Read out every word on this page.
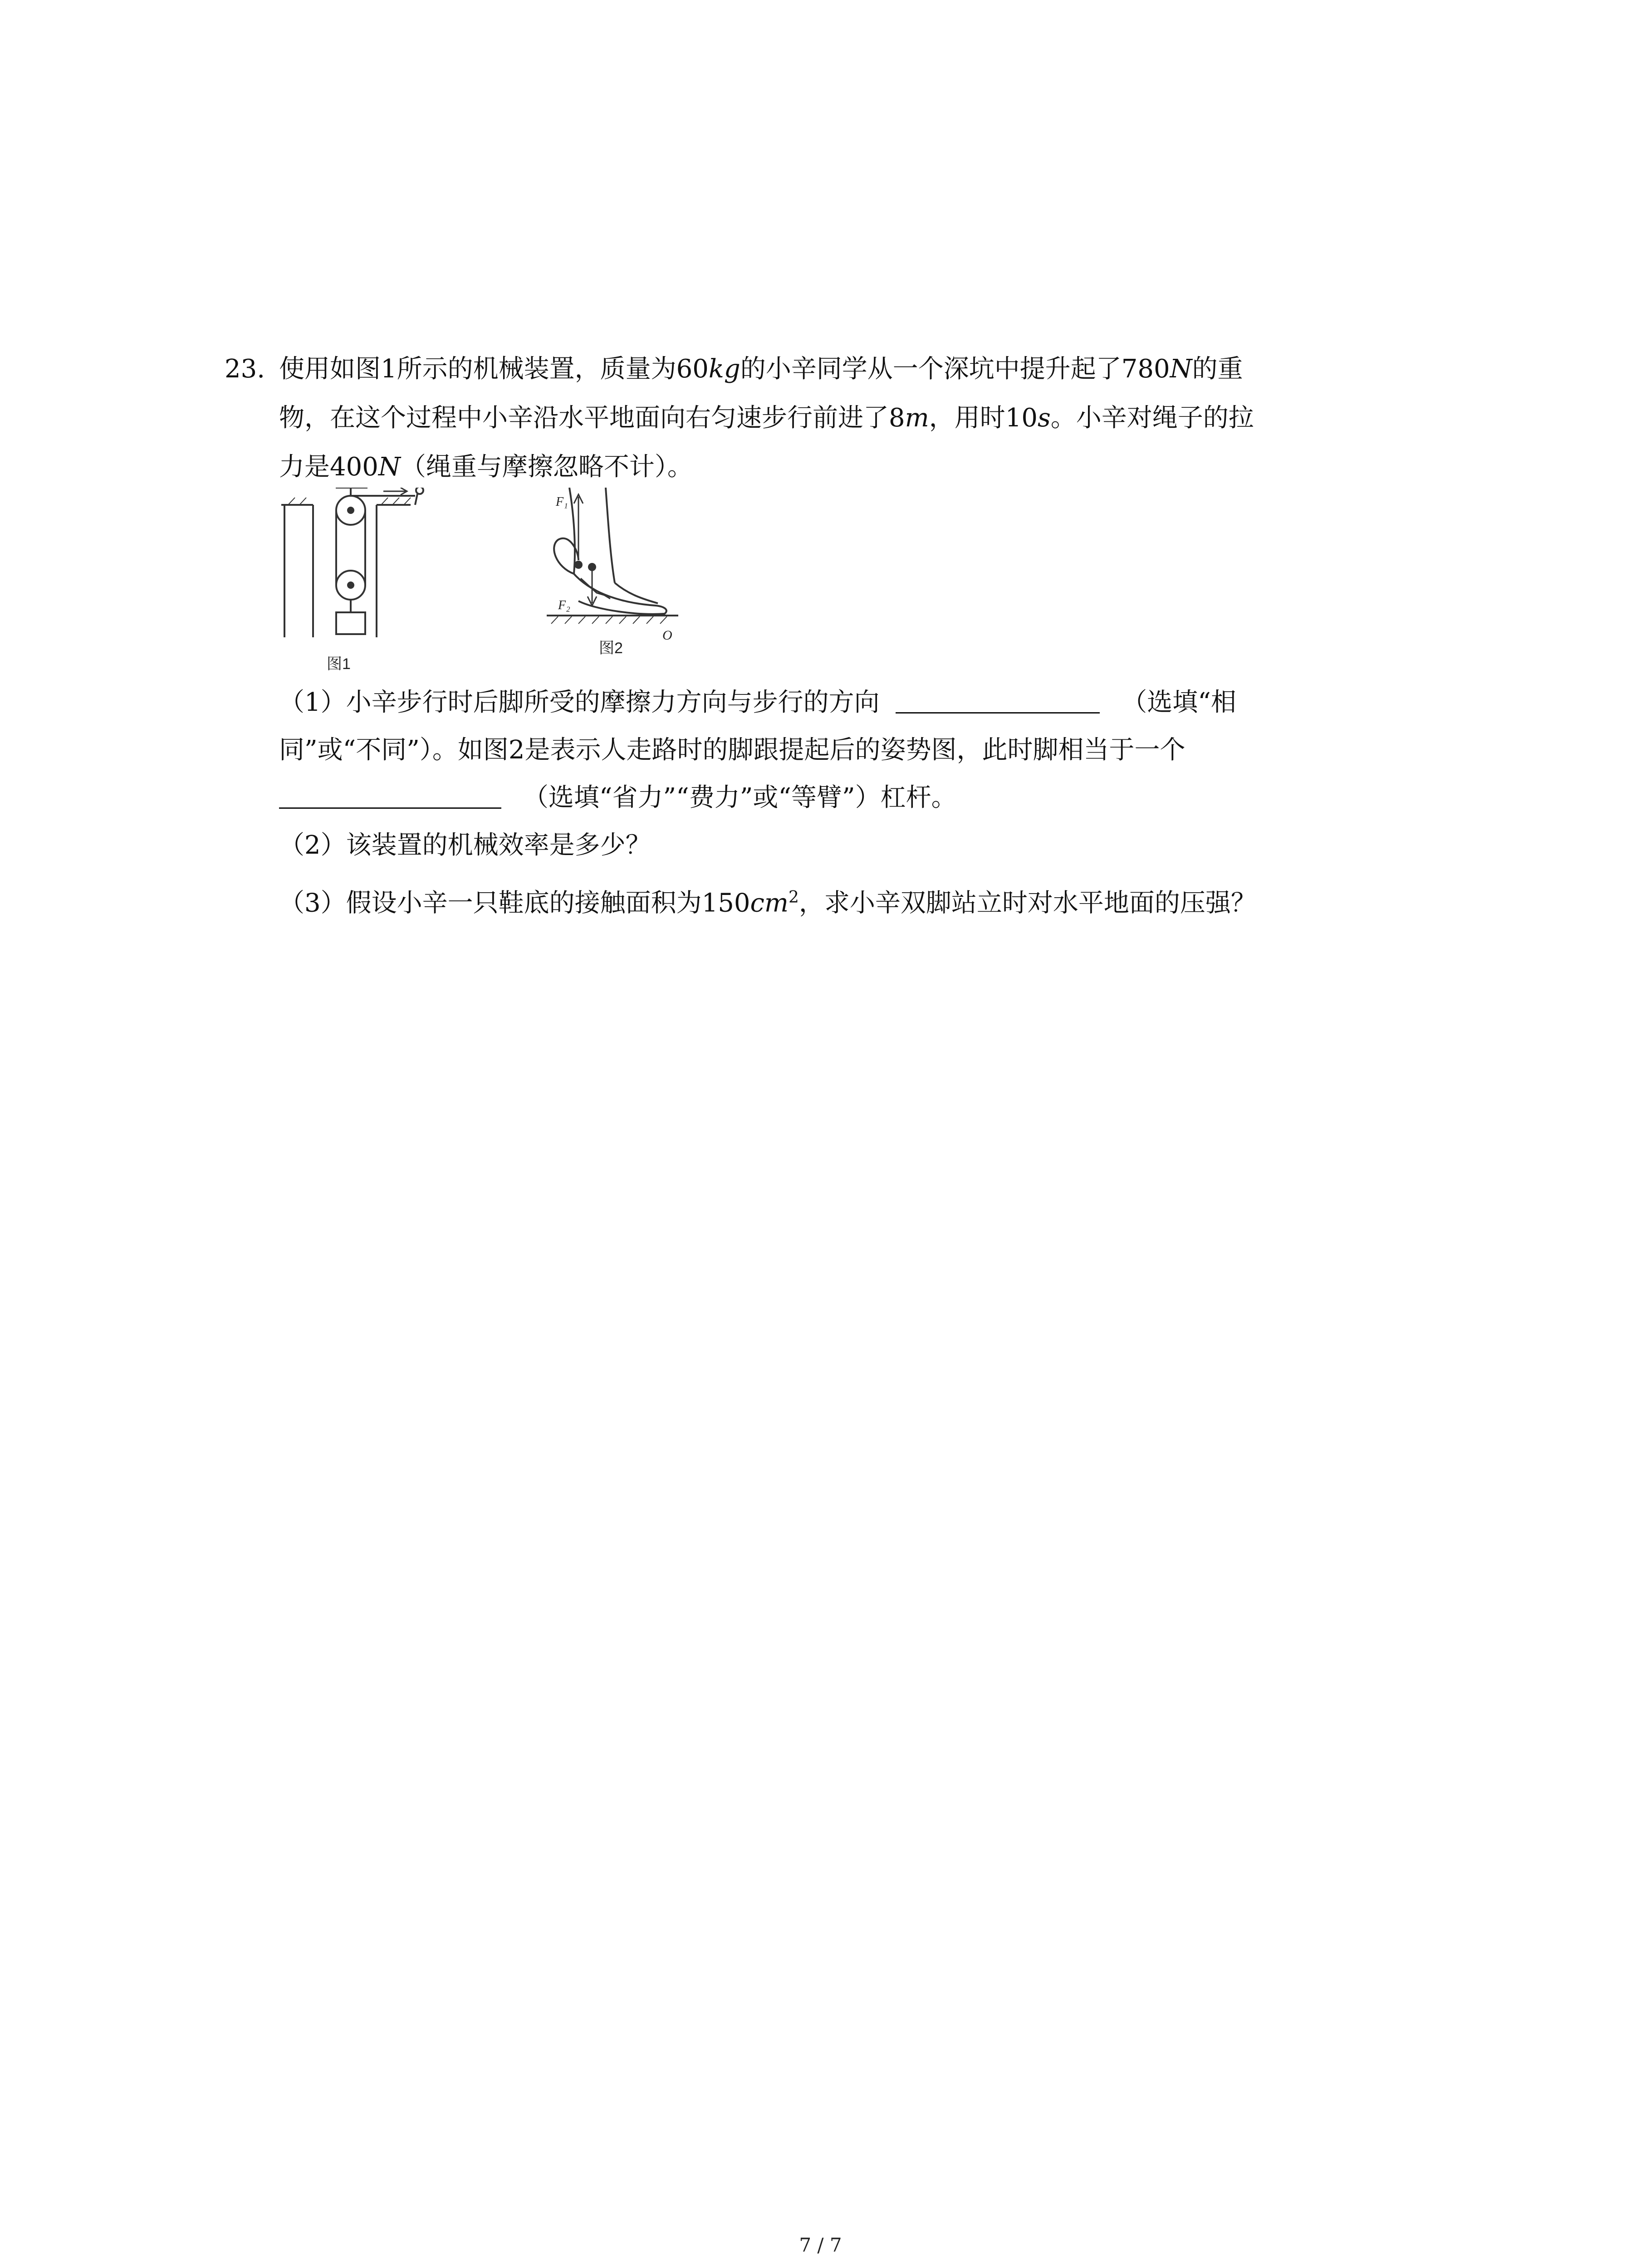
23. 使用如图1所示的机械装置，质量为60kg的小辛同学从一个深坑中提升起了780N的重
物，在这个过程中小辛沿水平地面向右匀速步行前进了8m，用时10s。小辛对绳子的拉
力是400N（绳重与摩擦忽略不计）。
图1
F₁
F₂
O
图2
（1）小辛步行时后脚所受的摩擦力方向与步行的方向	（选填“相
同”或“不同”）。如图2是表示人走路时的脚跟提起后的姿势图，此时脚相当于一个
（选填“省力”“费力”或“等臂”）杠杆。
（2）该装置的机械效率是多少？
（3）假设小辛一只鞋底的接触面积为$150cm^2$，求小辛双脚站立时对水平地面的压强？
7 / 7
